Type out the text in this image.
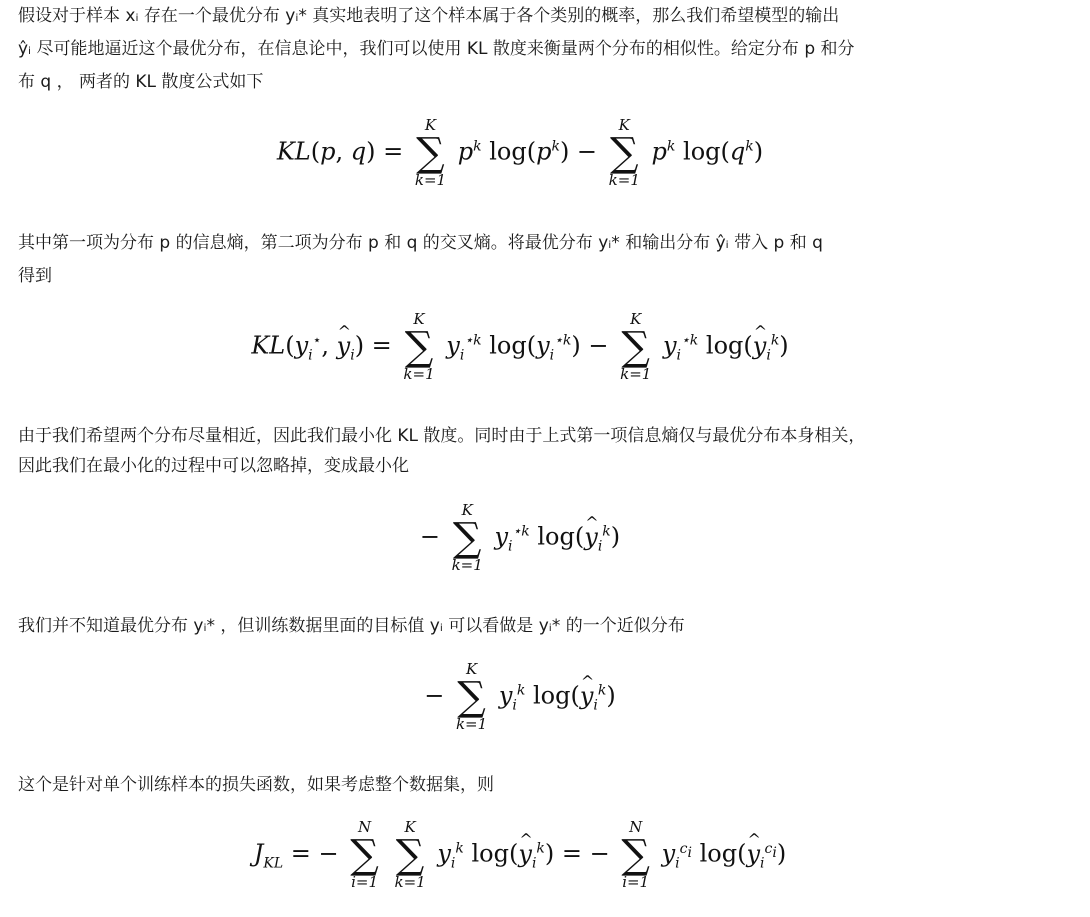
假设对于样本 xᵢ 存在一个最优分布 yᵢ* 真实地表明了这个样本属于各个类别的概率，那么我们希望模型的输出

ŷᵢ 尽可能地逼近这个最优分布，在信息论中，我们可以使用 KL 散度来衡量两个分布的相似性。给定分布 p 和分

布 q ， 两者的 KL 散度公式如下

KL(p, q) =
K
∑
k=1
$p^k$ $\log(p^k)$ −
K
∑
k=1
$p^k$ $\log(q^k)$

其中第一项为分布 p 的信息熵，第二项为分布 p 和 q 的交叉熵。将最优分布 yᵢ* 和输出分布 ŷᵢ 带入 p 和 q

得到

$KL(y_i^⋆$, ^ $y_i$) =
K
∑
k=1
$y_i^{⋆k}$ $\log(y_i^{⋆k})$ −
K
∑
k=1
$y_i^{⋆k}$ log(^ $y_i^k$)

由于我们希望两个分布尽量相近，因此我们最小化 KL 散度。同时由于上式第一项信息熵仅与最优分布本身相关，

因此我们在最小化的过程中可以忽略掉，变成最小化

−
K
∑
k=1
$y_i^{⋆k}$ log(^ $y_i^k$)

我们并不知道最优分布 yᵢ* ，但训练数据里面的目标值 yᵢ 可以看做是 yᵢ* 的一个近似分布

−
K
∑
k=1
$y_i^k$ log(^ $y_i^k$)

这个是针对单个训练样本的损失函数，如果考虑整个数据集，则

$J_{KL}$ = −
N
∑
i=1

K
∑
k=1
$y_i^k$ log(^ $y_i^k$) = −
N
∑
i=1
$y_i^{c_i}$ log(^ $y_i^{c_i}$)
